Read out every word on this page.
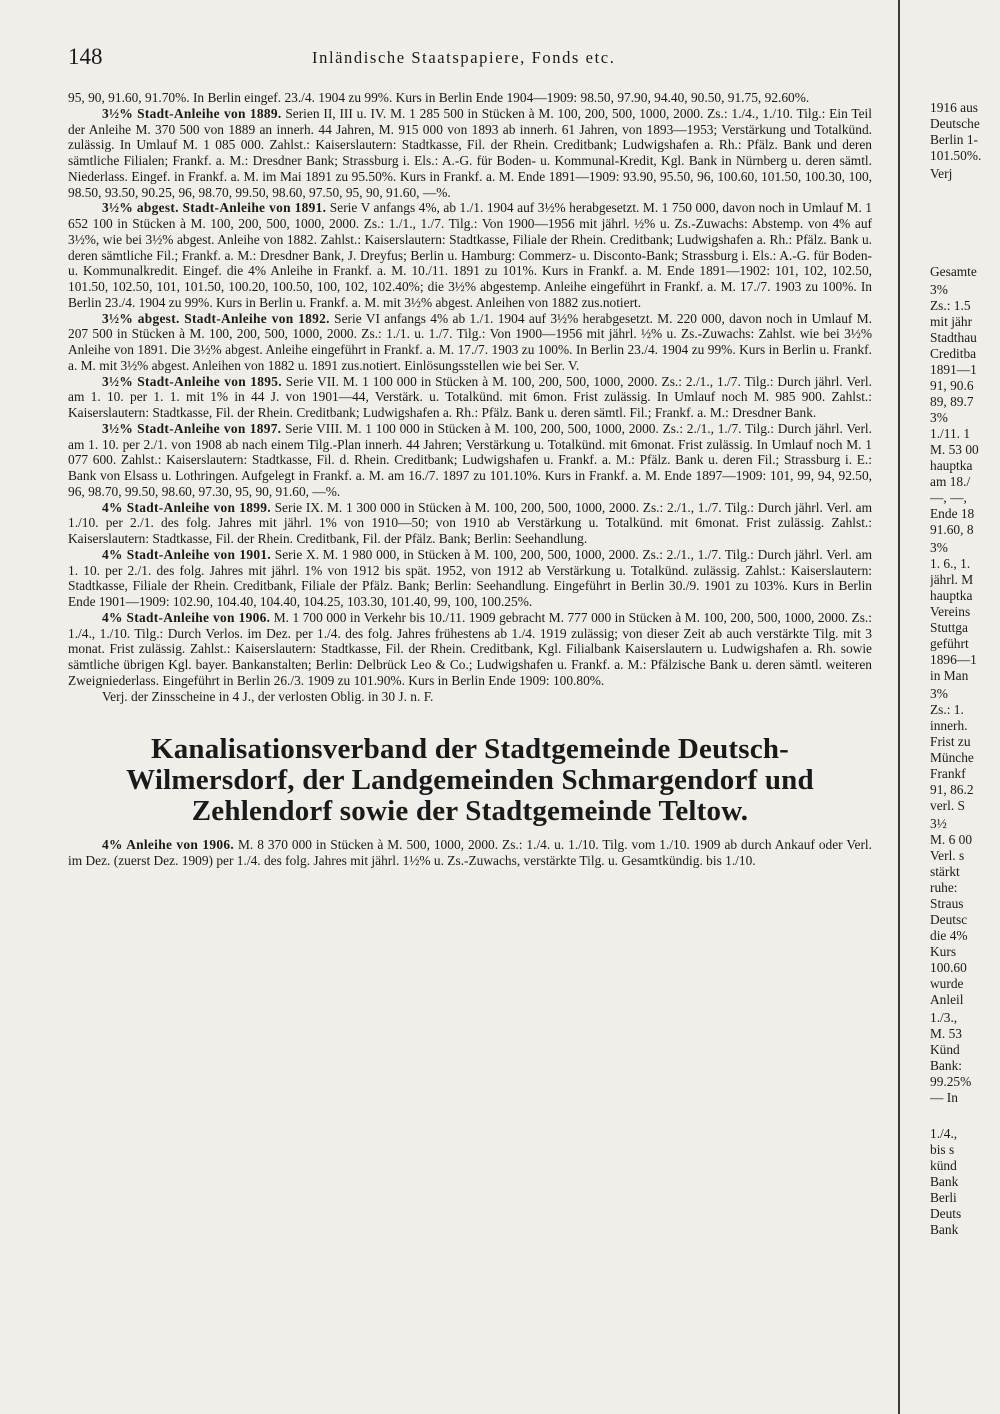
148	Inländische Staatspapiere, Fonds etc.

95, 90, 91.60, 91.70%. In Berlin eingef. 23./4. 1904 zu 99%. Kurs in Berlin Ende 1904—1909: 98.50, 97.90, 94.40, 90.50, 91.75, 92.60%.

3½% Stadt-Anleihe von 1889. Serien II, III u. IV. M. 1 285 500 in Stücken à M. 100, 200, 500, 1000, 2000. Zs.: 1./4., 1./10. Tilg.: Ein Teil der Anleihe M. 370 500 von 1889 an innerh. 44 Jahren, M. 915 000 von 1893 ab innerh. 61 Jahren, von 1893—1953; Verstärkung und Totalkünd. zulässig. In Umlauf M. 1 085 000. Zahlst.: Kaiserslautern: Stadtkasse, Fil. der Rhein. Creditbank; Ludwigshafen a. Rh.: Pfälz. Bank und deren sämtliche Filialen; Frankf. a. M.: Dresdner Bank; Strassburg i. Els.: A.-G. für Boden- u. Kommunal-Kredit, Kgl. Bank in Nürnberg u. deren sämtl. Niederlass. Eingef. in Frankf. a. M. im Mai 1891 zu 95.50%. Kurs in Frankf. a. M. Ende 1891—1909: 93.90, 95.50, 96, 100.60, 101.50, 100.30, 100, 98.50, 93.50, 90.25, 96, 98.70, 99.50, 98.60, 97.50, 95, 90, 91.60, —%.

3½% abgest. Stadt-Anleihe von 1891. Serie V anfangs 4%, ab 1./1. 1904 auf 3½% herabgesetzt. M. 1 750 000, davon noch in Umlauf M. 1 652 100 in Stücken à M. 100, 200, 500, 1000, 2000. Zs.: 1./1., 1./7. Tilg.: Von 1900—1956 mit jährl. ½% u. Zs.-Zuwachs: Abstemp. von 4% auf 3½%, wie bei 3½% abgest. Anleihe von 1882. Zahlst.: Kaiserslautern: Stadtkasse, Filiale der Rhein. Creditbank; Ludwigshafen a. Rh.: Pfälz. Bank u. deren sämtliche Fil.; Frankf. a. M.: Dresdner Bank, J. Dreyfus; Berlin u. Hamburg: Commerz- u. Disconto-Bank; Strassburg i. Els.: A.-G. für Boden- u. Kommunalkredit. Eingef. die 4% Anleihe in Frankf. a. M. 10./11. 1891 zu 101%. Kurs in Frankf. a. M. Ende 1891—1902: 101, 102, 102.50, 101.50, 102.50, 101, 101.50, 100.20, 100.50, 100, 102, 102.40%; die 3½% abgestemp. Anleihe eingeführt in Frankf. a. M. 17./7. 1903 zu 100%. In Berlin 23./4. 1904 zu 99%. Kurs in Berlin u. Frankf. a. M. mit 3½% abgest. Anleihen von 1882 zus.notiert.

3½% abgest. Stadt-Anleihe von 1892. Serie VI anfangs 4% ab 1./1. 1904 auf 3½% herabgesetzt. M. 220 000, davon noch in Umlauf M. 207 500 in Stücken à M. 100, 200, 500, 1000, 2000. Zs.: 1./1. u. 1./7. Tilg.: Von 1900—1956 mit jährl. ½% u. Zs.-Zuwachs: Zahlst. wie bei 3½% Anleihe von 1891. Die 3½% abgest. Anleihe eingeführt in Frankf. a. M. 17./7. 1903 zu 100%. In Berlin 23./4. 1904 zu 99%. Kurs in Berlin u. Frankf. a. M. mit 3½% abgest. Anleihen von 1882 u. 1891 zus.notiert. Einlösungsstellen wie bei Ser. V.

3½% Stadt-Anleihe von 1895. Serie VII. M. 1 100 000 in Stücken à M. 100, 200, 500, 1000, 2000. Zs.: 2./1., 1./7. Tilg.: Durch jährl. Verl. am 1. 10. per 1. 1. mit 1% in 44 J. von 1901—44, Verstärk. u. Totalkünd. mit 6mon. Frist zulässig. In Umlauf noch M. 985 900. Zahlst.: Kaiserslautern: Stadtkasse, Fil. der Rhein. Creditbank; Ludwigshafen a. Rh.: Pfälz. Bank u. deren sämtl. Fil.; Frankf. a. M.: Dresdner Bank.

3½% Stadt-Anleihe von 1897. Serie VIII. M. 1 100 000 in Stücken à M. 100, 200, 500, 1000, 2000. Zs.: 2./1., 1./7. Tilg.: Durch jährl. Verl. am 1. 10. per 2./1. von 1908 ab nach einem Tilg.-Plan innerh. 44 Jahren; Verstärkung u. Totalkünd. mit 6monat. Frist zulässig. In Umlauf noch M. 1 077 600. Zahlst.: Kaiserslautern: Stadtkasse, Fil. d. Rhein. Creditbank; Ludwigshafen u. Frankf. a. M.: Pfälz. Bank u. deren Fil.; Strassburg i. E.: Bank von Elsass u. Lothringen. Aufgelegt in Frankf. a. M. am 16./7. 1897 zu 101.10%. Kurs in Frankf. a. M. Ende 1897—1909: 101, 99, 94, 92.50, 96, 98.70, 99.50, 98.60, 97.30, 95, 90, 91.60, —%.

4% Stadt-Anleihe von 1899. Serie IX. M. 1 300 000 in Stücken à M. 100, 200, 500, 1000, 2000. Zs.: 2./1., 1./7. Tilg.: Durch jährl. Verl. am 1./10. per 2./1. des folg. Jahres mit jährl. 1% von 1910—50; von 1910 ab Verstärkung u. Totalkünd. mit 6monat. Frist zulässig. Zahlst.: Kaiserslautern: Stadtkasse, Fil. der Rhein. Creditbank, Fil. der Pfälz. Bank; Berlin: Seehandlung.

4% Stadt-Anleihe von 1901. Serie X. M. 1 980 000, in Stücken à M. 100, 200, 500, 1000, 2000. Zs.: 2./1., 1./7. Tilg.: Durch jährl. Verl. am 1. 10. per 2./1. des folg. Jahres mit jährl. 1% von 1912 bis spät. 1952, von 1912 ab Verstärkung u. Totalkünd. zulässig. Zahlst.: Kaiserslautern: Stadtkasse, Filiale der Rhein. Creditbank, Filiale der Pfälz. Bank; Berlin: Seehandlung. Eingeführt in Berlin 30./9. 1901 zu 103%. Kurs in Berlin Ende 1901—1909: 102.90, 104.40, 104.40, 104.25, 103.30, 101.40, 99, 100, 100.25%.

4% Stadt-Anleihe von 1906. M. 1 700 000 in Verkehr bis 10./11. 1909 gebracht M. 777 000 in Stücken à M. 100, 200, 500, 1000, 2000. Zs.: 1./4., 1./10. Tilg.: Durch Verlos. im Dez. per 1./4. des folg. Jahres frühestens ab 1./4. 1919 zulässig; von dieser Zeit ab auch verstärkte Tilg. mit 3 monat. Frist zulässig. Zahlst.: Kaiserslautern: Stadtkasse, Fil. der Rhein. Creditbank, Kgl. Filialbank Kaiserslautern u. Ludwigshafen a. Rh. sowie sämtliche übrigen Kgl. bayer. Bankanstalten; Berlin: Delbrück Leo & Co.; Ludwigshafen u. Frankf. a. M.: Pfälzische Bank u. deren sämtl. weiteren Zweigniederlass. Eingeführt in Berlin 26./3. 1909 zu 101.90%. Kurs in Berlin Ende 1909: 100.80%.

Verj. der Zinsscheine in 4 J., der verlosten Oblig. in 30 J. n. F.

Kanalisationsverband der Stadtgemeinde Deutsch-Wilmersdorf, der Landgemeinden Schmargendorf und Zehlendorf sowie der Stadtgemeinde Teltow.

4% Anleihe von 1906. M. 8 370 000 in Stücken à M. 500, 1000, 2000. Zs.: 1./4. u. 1./10. Tilg. vom 1./10. 1909 ab durch Ankauf oder Verl. im Dez. (zuerst Dez. 1909) per 1./4. des folg. Jahres mit jährl. 1½% u. Zs.-Zuwachs, verstärkte Tilg. u. Gesamtkündig. bis 1./10.

1916 aus
Deutsche
Berlin 1-
101.50%.
Verj
Gesamte
3%
Zs.: 1.5
mit jähr
Stadthau
Creditba
1891—1
91, 90.6
89, 89.7
3%
1./11. 1
M. 53 00
hauptka
am 18./
—, —,
Ende 18
91.60, 8
3%
1. 6., 1.
jährl. M
hauptka
Vereins
Stuttga
geführt
1896—1
in Man
3%
Zs.: 1.
innerh.
Frist zu
Münche
Frankf
91, 86.2
verl. S
3½
M. 6 00
Verl. s
stärkt
ruhe:
Straus
Deutsc
die 4%
Kurs
100.60
wurde
Anleil
1./3.,
M. 53
Künd
Bank:
99.25%
— In
1./4.,
bis s
künd
Bank
Berli
Deuts
Bank
